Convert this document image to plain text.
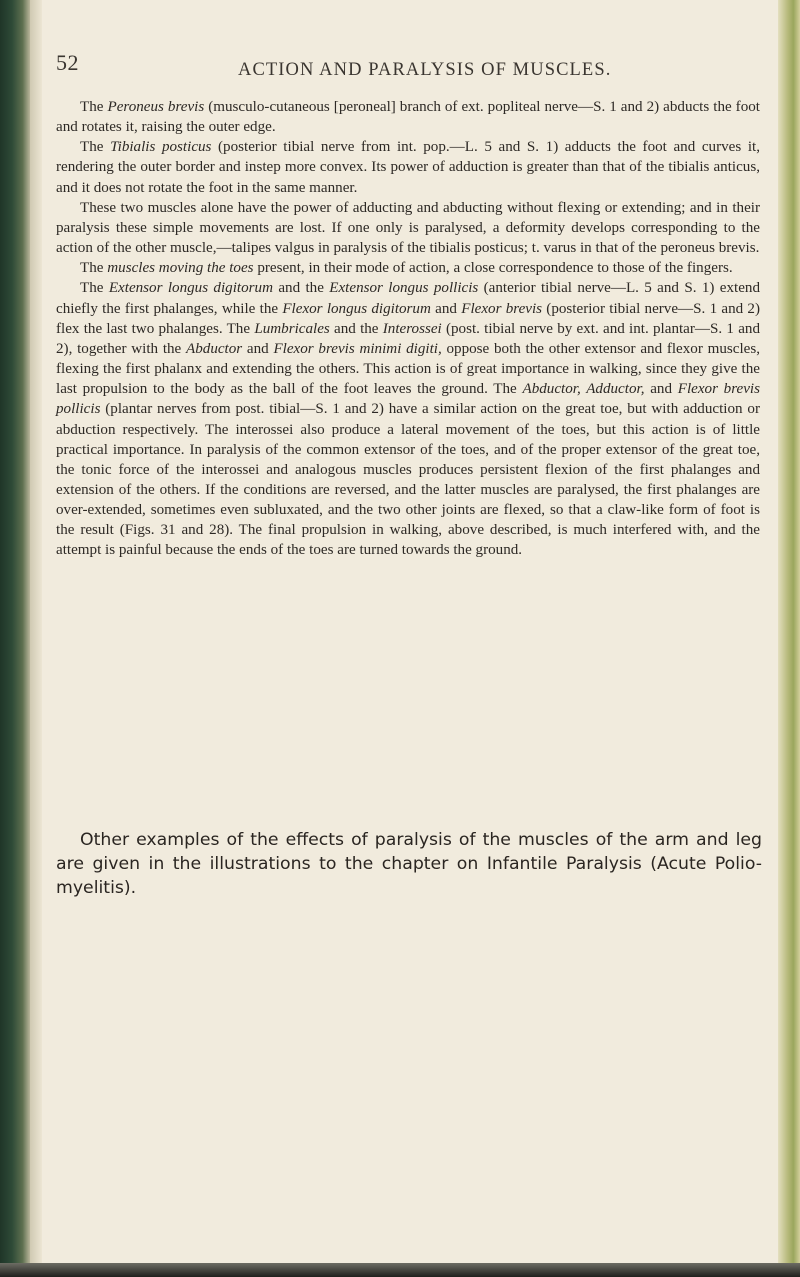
52	ACTION AND PARALYSIS OF MUSCLES.

The Peroneus brevis (musculo-cutaneous [peroneal] branch of ext. popliteal nerve—S. 1 and 2) abducts the foot and rotates it, raising the outer edge.

The Tibialis posticus (posterior tibial nerve from int. pop.—L. 5 and S. 1) adducts the foot and curves it, rendering the outer border and instep more convex. Its power of adduction is greater than that of the tibialis anticus, and it does not rotate the foot in the same manner.

These two muscles alone have the power of adducting and abducting without flexing or extending; and in their paralysis these simple movements are lost. If one only is paralysed, a deformity develops corresponding to the action of the other muscle,—talipes valgus in paralysis of the tibialis posticus; t. varus in that of the peroneus brevis.

The muscles moving the toes present, in their mode of action, a close correspondence to those of the fingers.

The Extensor longus digitorum and the Extensor longus pollicis (anterior tibial nerve—L. 5 and S. 1) extend chiefly the first phalanges, while the Flexor longus digitorum and Flexor brevis (posterior tibial nerve—S. 1 and 2) flex the last two phalanges. The Lumbricales and the Interossei (post. tibial nerve by ext. and int. plantar—S. 1 and 2), together with the Abductor and Flexor brevis minimi digiti, oppose both the other extensor and flexor muscles, flexing the first phalanx and extending the others. This action is of great importance in walking, since they give the last propulsion to the body as the ball of the foot leaves the ground. The Abductor, Adductor, and Flexor brevis pollicis (plantar nerves from post. tibial—S. 1 and 2) have a similar action on the great toe, but with adduction or abduction respectively. The interossei also produce a lateral movement of the toes, but this action is of little practical importance. In paralysis of the common extensor of the toes, and of the proper extensor of the great toe, the tonic force of the interossei and analogous muscles produces persistent flexion of the first phalanges and extension of the others. If the conditions are reversed, and the latter muscles are paralysed, the first phalanges are over-extended, sometimes even subluxated, and the two other joints are flexed, so that a claw-like form of foot is the result (Figs. 31 and 28). The final propulsion in walking, above described, is much interfered with, and the attempt is painful because the ends of the toes are turned towards the ground.

Other examples of the effects of paralysis of the muscles of the arm and leg are given in the illustrations to the chapter on Infantile Paralysis (Acute Polio-myelitis).
